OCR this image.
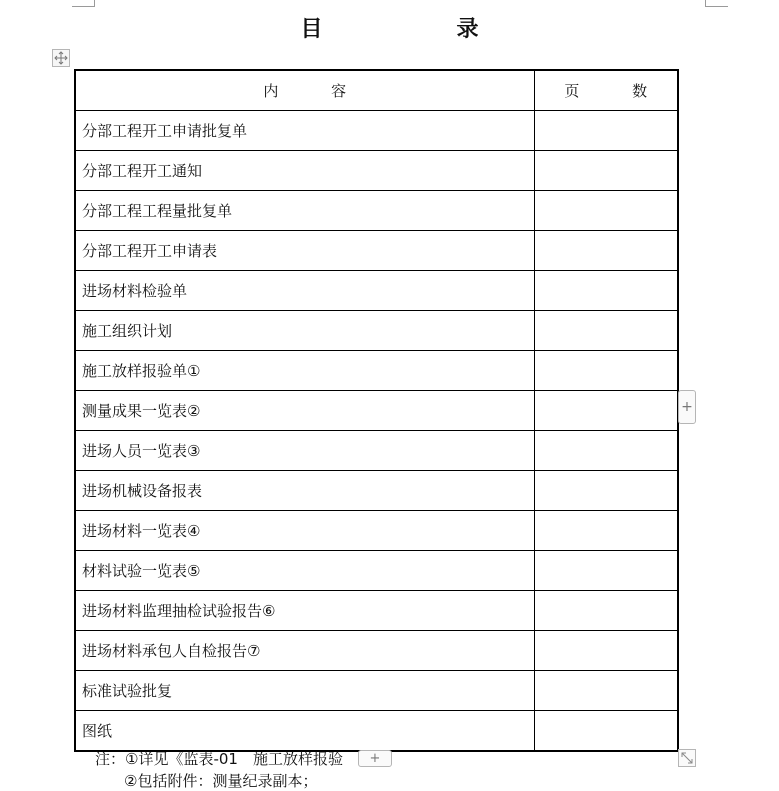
目　录
内 容	页 数
分部工程开工申请批复单	
分部工程开工通知	
分部工程工程量批复单	
分部工程开工申请表	
进场材料检验单	
施工组织计划	
施工放样报验单①	
测量成果一览表②	
进场人员一览表③	
进场机械设备报表	
进场材料一览表④	
材料试验一览表⑤	
进场材料监理抽检试验报告⑥	
进场材料承包人自检报告⑦	
标准试验批复	
图纸	
+
注：①详见《监表-01　施工放样报验	+
②包括附件：测量纪录副本；
